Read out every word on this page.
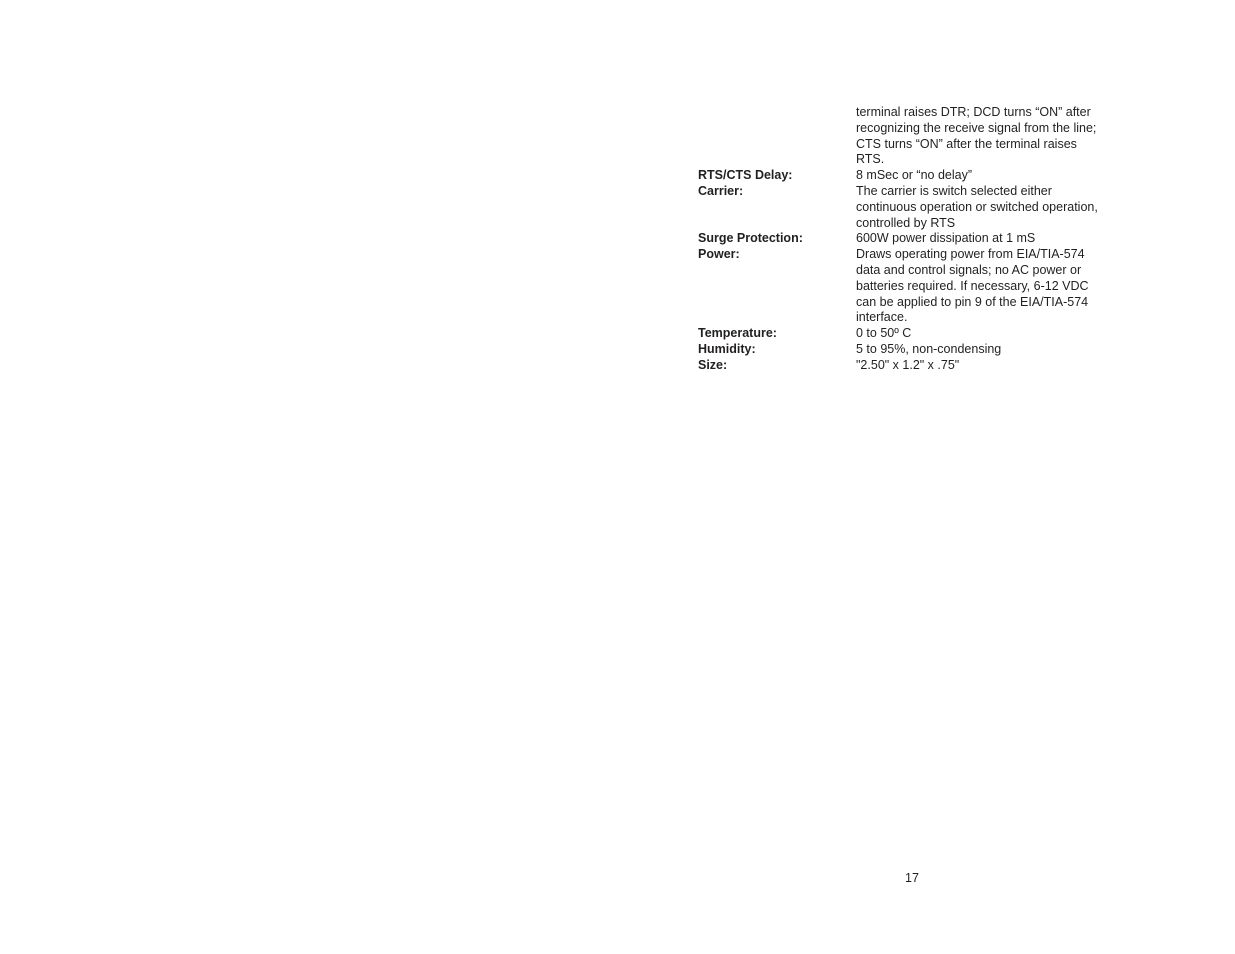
terminal raises DTR; DCD turns “ON” after
recognizing the receive signal from the line;
CTS turns “ON” after the terminal raises
RTS.
RTS/CTS Delay:	8 mSec or “no delay”
Carrier:	The carrier is switch selected either
continuous operation or switched operation,
controlled by RTS
Surge Protection:	600W power dissipation at 1 mS
Power:	Draws operating power from EIA/TIA-574
data and control signals; no AC power or
batteries required. If necessary, 6-12 VDC
can be applied to pin 9 of the EIA/TIA-574
interface.
Temperature:	0 to 50º C
Humidity:	5 to 95%, non-condensing
Size:	"2.50" x 1.2" x .75"
17
